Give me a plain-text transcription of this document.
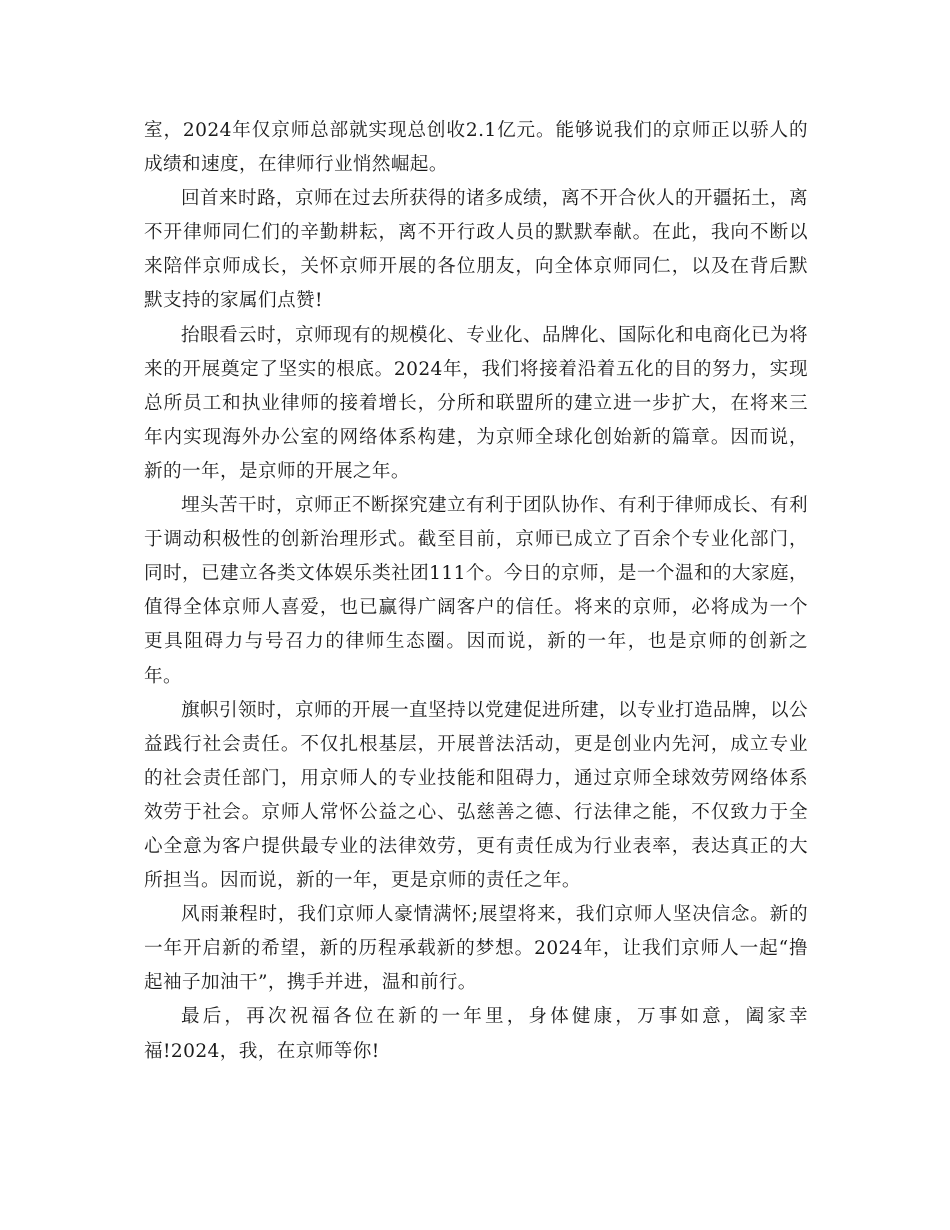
室，2024年仅京师总部就实现总创收2.1亿元。能够说我们的京师正以骄人的成绩和速度，在律师行业悄然崛起。

回首来时路，京师在过去所获得的诸多成绩，离不开合伙人的开疆拓土，离不开律师同仁们的辛勤耕耘，离不开行政人员的默默奉献。在此，我向不断以来陪伴京师成长，关怀京师开展的各位朋友，向全体京师同仁，以及在背后默默支持的家属们点赞!

抬眼看云时，京师现有的规模化、专业化、品牌化、国际化和电商化已为将来的开展奠定了坚实的根底。2024年，我们将接着沿着五化的目的努力，实现总所员工和执业律师的接着增长，分所和联盟所的建立进一步扩大，在将来三年内实现海外办公室的网络体系构建，为京师全球化创始新的篇章。因而说，新的一年，是京师的开展之年。

埋头苦干时，京师正不断探究建立有利于团队协作、有利于律师成长、有利于调动积极性的创新治理形式。截至目前，京师已成立了百余个专业化部门，同时，已建立各类文体娱乐类社团111个。今日的京师，是一个温和的大家庭，值得全体京师人喜爱，也已赢得广阔客户的信任。将来的京师，必将成为一个更具阻碍力与号召力的律师生态圈。因而说，新的一年，也是京师的创新之年。

旗帜引领时，京师的开展一直坚持以党建促进所建，以专业打造品牌，以公益践行社会责任。不仅扎根基层，开展普法活动，更是创业内先河，成立专业的社会责任部门，用京师人的专业技能和阻碍力，通过京师全球效劳网络体系效劳于社会。京师人常怀公益之心、弘慈善之德、行法律之能，不仅致力于全心全意为客户提供最专业的法律效劳，更有责任成为行业表率，表达真正的大所担当。因而说，新的一年，更是京师的责任之年。

风雨兼程时，我们京师人豪情满怀;展望将来，我们京师人坚决信念。新的一年开启新的希望，新的历程承载新的梦想。2024年，让我们京师人一起“撸起袖子加油干”，携手并进，温和前行。

最后，再次祝福各位在新的一年里，身体健康，万事如意，阖家幸福!2024，我，在京师等你!
